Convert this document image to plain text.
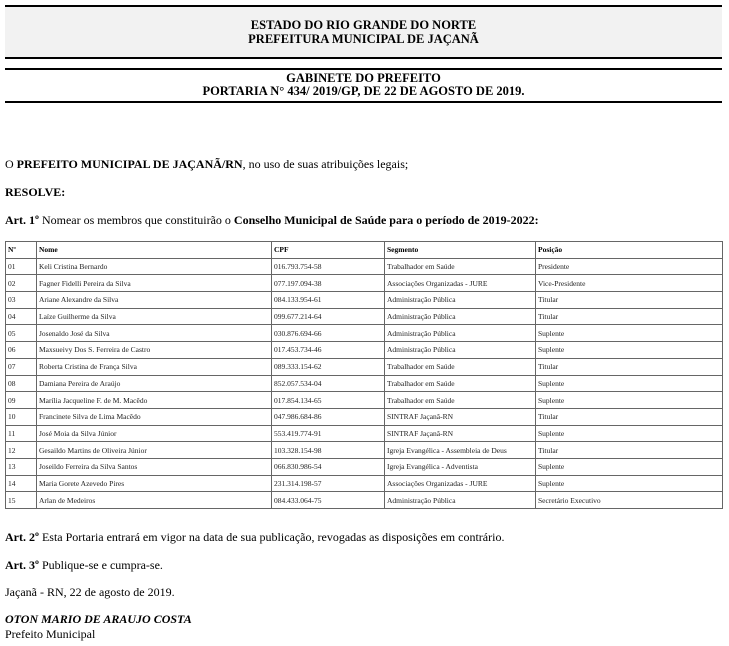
ESTADO DO RIO GRANDE DO NORTE
PREFEITURA MUNICIPAL DE JAÇANÃ
GABINETE DO PREFEITO
PORTARIA N° 434/ 2019/GP, DE 22 DE AGOSTO DE 2019.
O PREFEITO MUNICIPAL DE JAÇANÃ/RN, no uso de suas atribuições legais;
RESOLVE:
Art. 1º Nomear os membros que constituirão o Conselho Municipal de Saúde para o período de 2019-2022:
Nº	Nome	CPF	Segmento	Posição
01	Keli Cristina Bernardo	016.793.754-58	Trabalhador em Saúde	Presidente
02	Fagner Fidelli Pereira da Silva	077.197.094-38	Associações Organizadas - JURE	Vice-Presidente
03	Ariane Alexandre da Silva	084.133.954-61	Administração Pública	Titular
04	Laíze Guilherme da Silva	099.677.214-64	Administração Pública	Titular
05	Josenaldo José da Silva	030.876.694-66	Administração Pública	Suplente
06	Maxsueivy Dos S. Ferreira de Castro	017.453.734-46	Administração Pública	Suplente
07	Roberta Cristina de França Silva	089.333.154-62	Trabalhador em Saúde	Titular
08	Damiana Pereira de Araújo	852.057.534-04	Trabalhador em Saúde	Suplente
09	Marília Jacqueline F. de M. Macêdo	017.854.134-65	Trabalhador em Saúde	Suplente
10	Francinete Silva de Lima Macêdo	047.986.684-86	SINTRAF Jaçanã-RN	Titular
11	José Moia da Silva Júnior	553.419.774-91	SINTRAF Jaçanã-RN	Suplente
12	Gesaildo Martins de Oliveira Júnior	103.328.154-98	Igreja Evangélica - Assembleia de Deus	Titular
13	Joseildo Ferreira da Silva Santos	066.830.986-54	Igreja Evangélica - Adventista	Suplente
14	Maria Gorete Azevedo Pires	231.314.198-57	Associações Organizadas - JURE	Suplente
15	Arlan de Medeiros	084.433.064-75	Administração Pública	Secretário Executivo
Art. 2º Esta Portaria entrará em vigor na data de sua publicação, revogadas as disposições em contrário.
Art. 3º Publique-se e cumpra-se.
Jaçanã - RN, 22 de agosto de 2019.
OTON MARIO DE ARAUJO COSTA
Prefeito Municipal
